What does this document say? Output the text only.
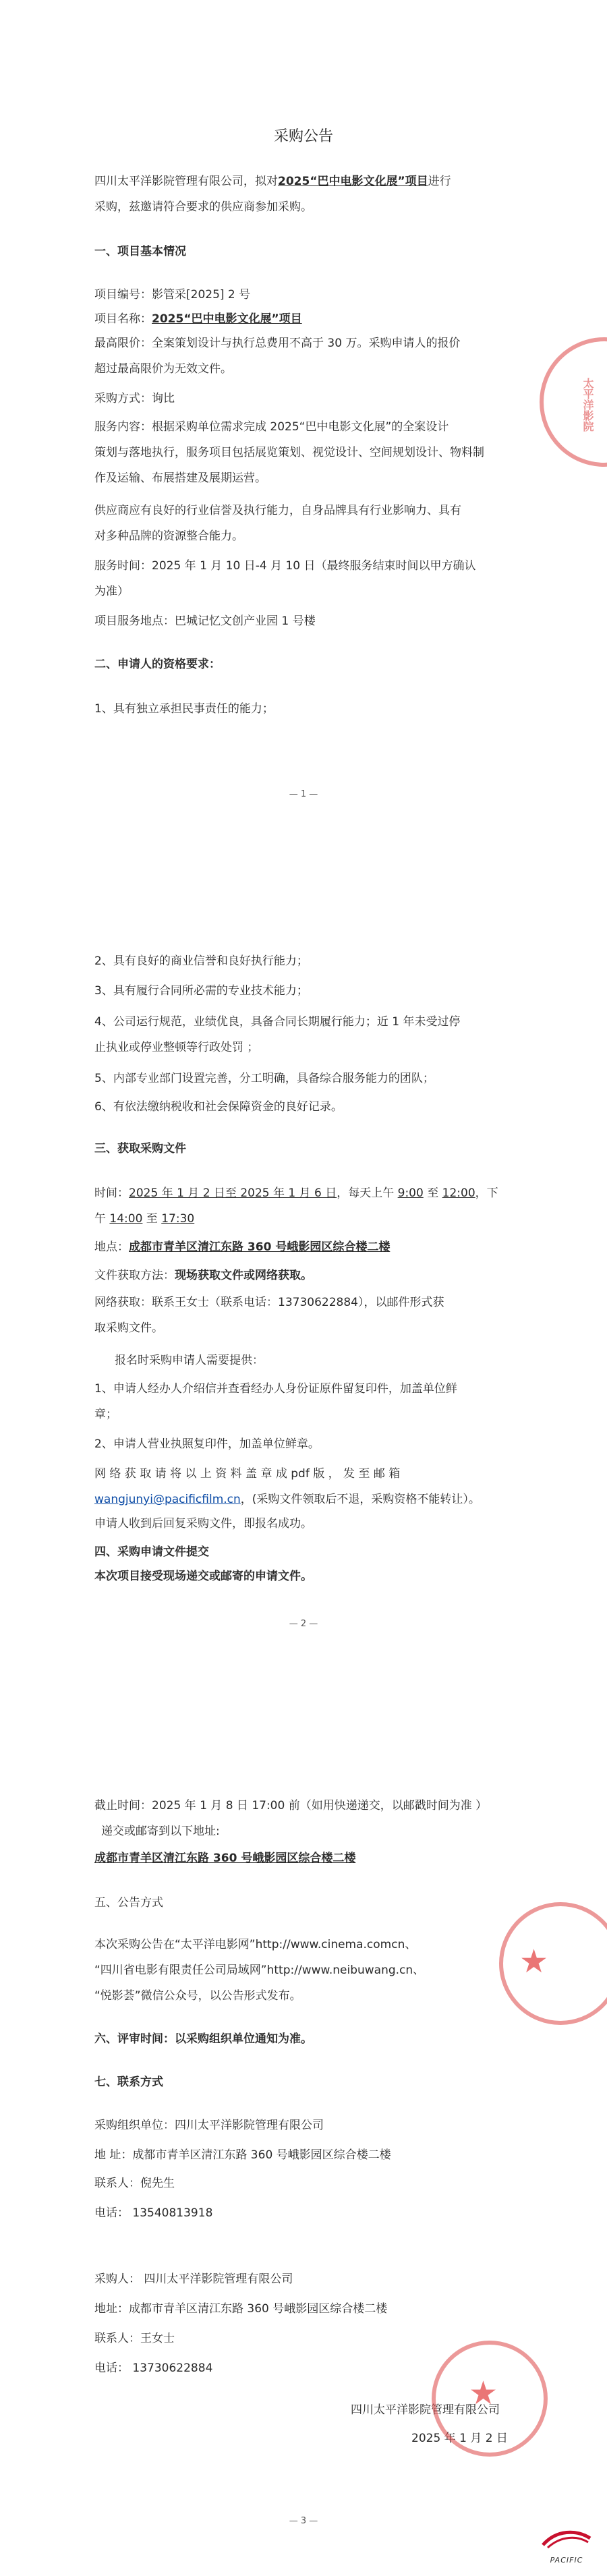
采购公告
四川太平洋影院管理有限公司，拟对2025“巴中电影文化展”项目进行
采购，兹邀请符合要求的供应商参加采购。
一、项目基本情况
项目编号：影管采[2025] 2 号
项目名称：2025“巴中电影文化展”项目
最高限价：全案策划设计与执行总费用不高于 30 万。采购申请人的报价
超过最高限价为无效文件。
采购方式：询比
服务内容：根据采购单位需求完成 2025“巴中电影文化展”的全案设计
策划与落地执行，服务项目包括展览策划、视觉设计、空间规划设计、物料制
作及运输、布展搭建及展期运营。
供应商应有良好的行业信誉及执行能力，自身品牌具有行业影响力、具有
对多种品牌的资源整合能力。
服务时间：2025 年 1 月 10 日-4 月 10 日（最终服务结束时间以甲方确认
为准）
项目服务地点：巴城记忆文创产业园 1 号楼
二、申请人的资格要求：
1、具有独立承担民事责任的能力；
— 1 —
太平洋影院
2、具有良好的商业信誉和良好执行能力；
3、具有履行合同所必需的专业技术能力；
4、公司运行规范，业绩优良，具备合同长期履行能力；近 1 年未受过停
止执业或停业整顿等行政处罚 ；
5、内部专业部门设置完善，分工明确，具备综合服务能力的团队；
6、有依法缴纳税收和社会保障资金的良好记录。
三、获取采购文件
时间：2025 年 1 月 2 日至 2025 年 1 月 6 日，每天上午 9:00 至 12:00，下
午 14:00 至 17:30
地点：成都市青羊区清江东路 360 号峨影园区综合楼二楼
文件获取方法：现场获取文件或网络获取。
网络获取：联系王女士（联系电话：13730622884），以邮件形式获
取采购文件。
报名时采购申请人需要提供：
1、申请人经办人介绍信并查看经办人身份证原件留复印件，加盖单位鲜
章；
2、申请人营业执照复印件，加盖单位鲜章。
网 络 获 取 请 将 以 上 资 料 盖 章 成 pdf 版 ， 发 至 邮 箱
wangjunyi@pacificfilm.cn，(采购文件领取后不退，采购资格不能转让）。
申请人收到后回复采购文件，即报名成功。
四、采购申请文件提交
本次项目接受现场递交或邮寄的申请文件。
— 2 —
截止时间：2025 年 1 月 8 日 17:00 前（如用快递递交，以邮戳时间为准 ）
递交或邮寄到以下地址:
成都市青羊区清江东路 360 号峨影园区综合楼二楼
五、公告方式
本次采购公告在“太平洋电影网”http://www.cinema.comcn、
“四川省电影有限责任公司局域网”http://www.neibuwang.cn、
“悦影荟”微信公众号，以公告形式发布。
六、评审时间：以采购组织单位通知为准。
七、联系方式
采购组织单位：四川太平洋影院管理有限公司
地 址：成都市青羊区清江东路 360 号峨影园区综合楼二楼
联系人：倪先生
电话： 13540813918
采购人： 四川太平洋影院管理有限公司
地址：成都市青羊区清江东路 360 号峨影园区综合楼二楼
联系人：王女士
电话： 13730622884
四川太平洋影院管理有限公司
2025 年 1 月 2 日
— 3 —
★
★
PACIFIC
